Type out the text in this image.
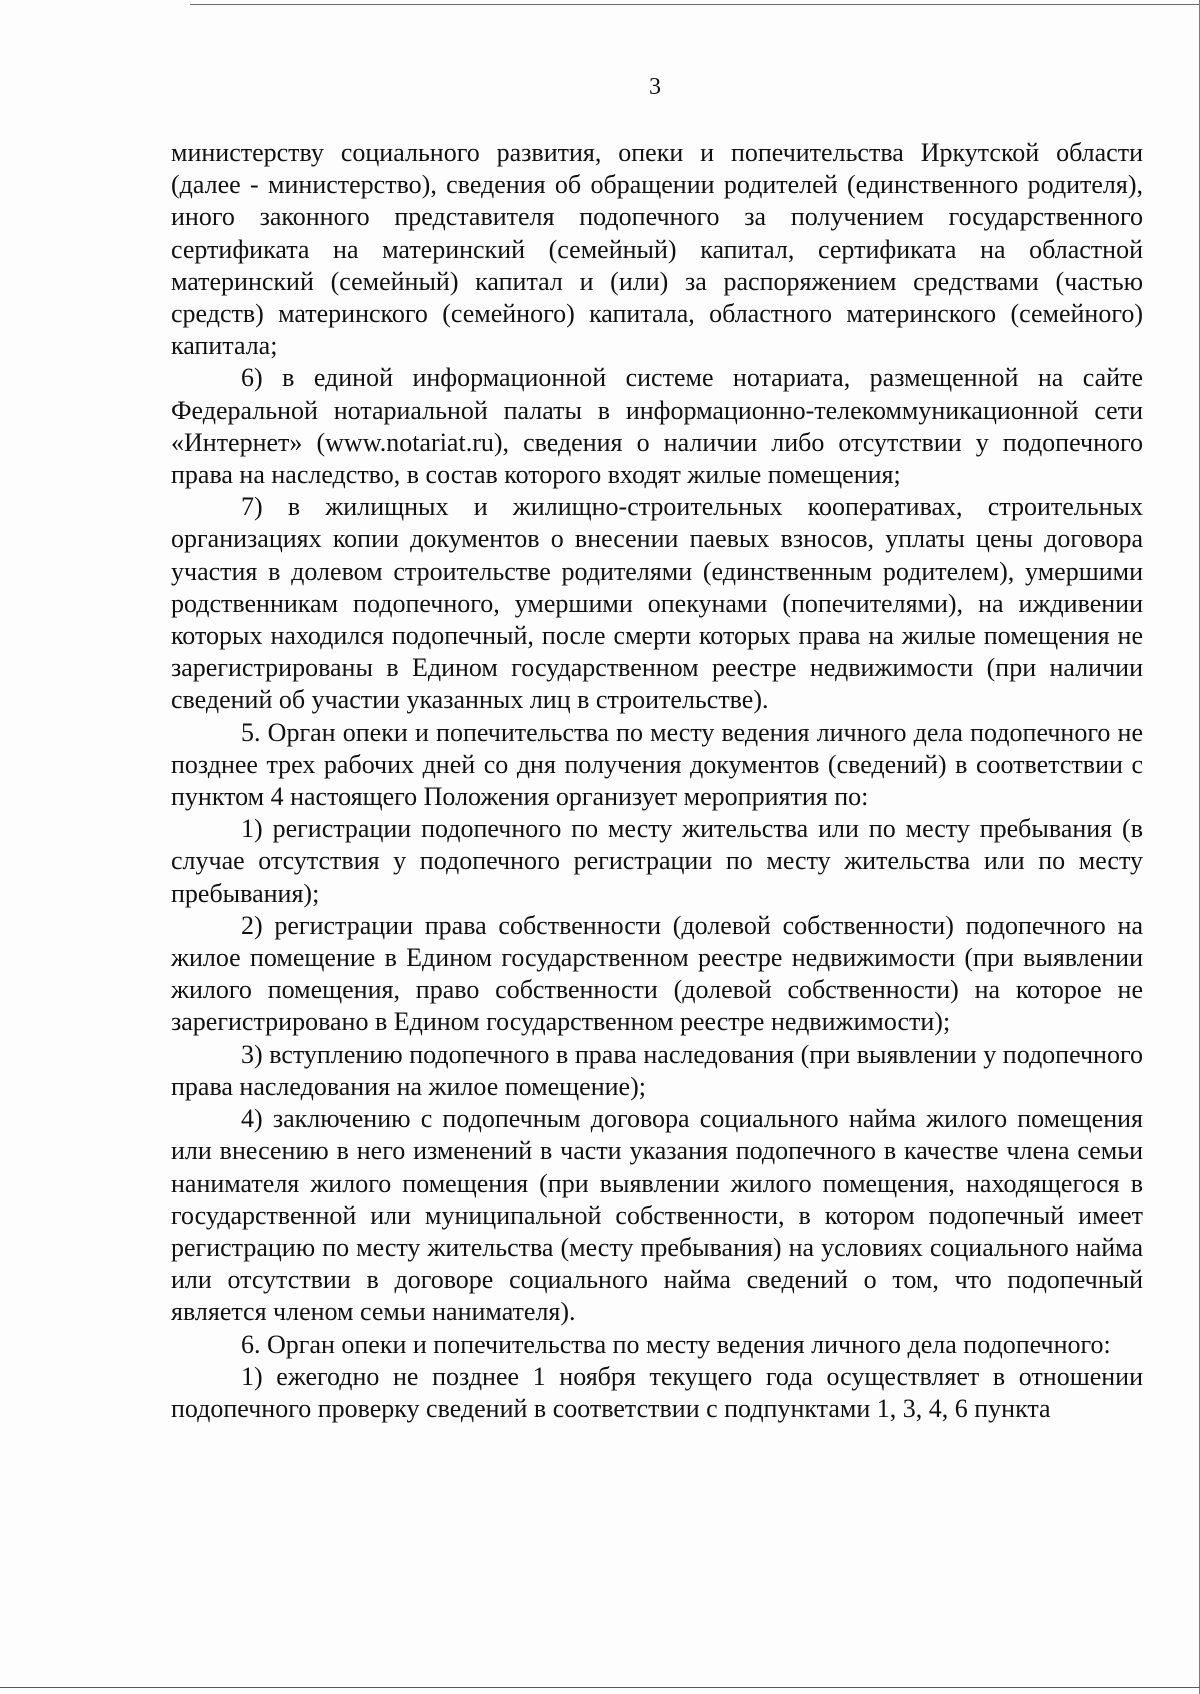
3

министерству социального развития, опеки и попечительства Иркутской области (далее - министерство), сведения об обращении родителей (единственного родителя), иного законного представителя подопечного за получением государственного сертификата на материнский (семейный) капитал, сертификата на областной материнский (семейный) капитал и (или) за распоряжением средствами (частью средств) материнского (семейного) капитала, областного материнского (семейного) капитала;

6) в единой информационной системе нотариата, размещенной на сайте Федеральной нотариальной палаты в информационно-телекоммуникационной сети «Интернет» (www.notariat.ru), сведения о наличии либо отсутствии у подопечного права на наследство, в состав которого входят жилые помещения;

7) в жилищных и жилищно-строительных кооперативах, строительных организациях копии документов о внесении паевых взносов, уплаты цены договора участия в долевом строительстве родителями (единственным родителем), умершими родственникам подопечного, умершими опекунами (попечителями), на иждивении которых находился подопечный, после смерти которых права на жилые помещения не зарегистрированы в Едином государственном реестре недвижимости (при наличии сведений об участии указанных лиц в строительстве).

5. Орган опеки и попечительства по месту ведения личного дела подопечного не позднее трех рабочих дней со дня получения документов (сведений) в соответствии с пунктом 4 настоящего Положения организует мероприятия по:

1) регистрации подопечного по месту жительства или по месту пребывания (в случае отсутствия у подопечного регистрации по месту жительства или по месту пребывания);

2) регистрации права собственности (долевой собственности) подопечного на жилое помещение в Едином государственном реестре недвижимости (при выявлении жилого помещения, право собственности (долевой собственности) на которое не зарегистрировано в Едином государственном реестре недвижимости);

3) вступлению подопечного в права наследования (при выявлении у подопечного права наследования на жилое помещение);

4) заключению с подопечным договора социального найма жилого помещения или внесению в него изменений в части указания подопечного в качестве члена семьи нанимателя жилого помещения (при выявлении жилого помещения, находящегося в государственной или муниципальной собственности, в котором подопечный имеет регистрацию по месту жительства (месту пребывания) на условиях социального найма или отсутствии в договоре социального найма сведений о том, что подопечный является членом семьи нанимателя).

6. Орган опеки и попечительства по месту ведения личного дела подопечного:

1) ежегодно не позднее 1 ноября текущего года осуществляет в отношении подопечного проверку сведений в соответствии с подпунктами 1, 3, 4, 6 пункта
